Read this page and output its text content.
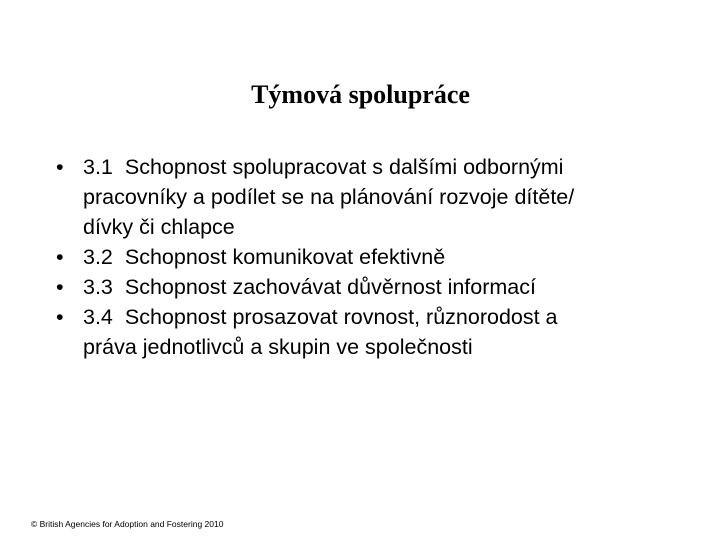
Týmová spolupráce
• 3.1 Schopnost spolupracovat s dalšími odbornými
pracovníky a podílet se na plánování rozvoje dítěte/
dívky či chlapce
• 3.2 Schopnost komunikovat efektivně
• 3.3 Schopnost zachovávat důvěrnost informací
• 3.4 Schopnost prosazovat rovnost, různorodost a
práva jednotlivců a skupin ve společnosti
© British Agencies for Adoption and Fostering 2010
